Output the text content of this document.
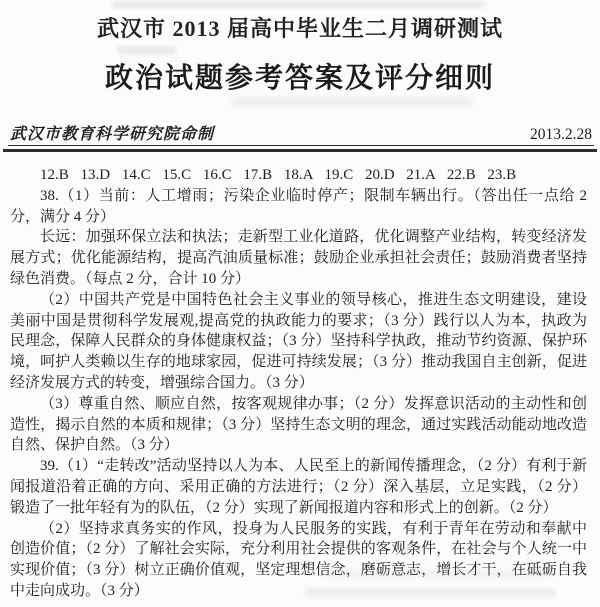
武汉市 2013 届高中毕业生二月调研测试
政治试题参考答案及评分细则
武汉市教育科学研究院命制	2013.2.28

12.B 13.D 14.C 15.C 16.C 17.B 18.A 19.C 20.D 21.A 22.B 23.B

38.（1）当前：人工增雨；污染企业临时停产；限制车辆出行。（答出任一点给 2 分，满分 4 分）

长远：加强环保立法和执法；走新型工业化道路，优化调整产业结构，转变经济发展方式；优化能源结构，提高汽油质量标准；鼓励企业承担社会责任；鼓励消费者坚持绿色消费。（每点 2 分，合计 10 分）

（2）中国共产党是中国特色社会主义事业的领导核心，推进生态文明建设，建设美丽中国是贯彻科学发展观,提高党的执政能力的要求；（3 分）践行以人为本，执政为民理念，保障人民群众的身体健康权益；（3 分）坚持科学执政，推动节约资源、保护环境，呵护人类赖以生存的地球家园，促进可持续发展；（3 分）推动我国自主创新，促进经济发展方式的转变，增强综合国力。（3 分）

（3）尊重自然、顺应自然，按客观规律办事；（2 分）发挥意识活动的主动性和创造性，揭示自然的本质和规律；（3 分）坚持生态文明的理念，通过实践活动能动地改造自然、保护自然。（3 分）

39.（1）“走转改”活动坚持以人为本、人民至上的新闻传播理念，（2 分）有利于新闻报道沿着正确的方向、采用正确的方法进行；（2 分）深入基层，立足实践，（2 分）锻造了一批年轻有为的队伍，（2 分）实现了新闻报道内容和形式上的创新。（2 分）

（2）坚持求真务实的作风，投身为人民服务的实践，有利于青年在劳动和奉献中创造价值；（2 分）了解社会实际，充分利用社会提供的客观条件，在社会与个人统一中实现价值；（3 分）树立正确价值观，坚定理想信念，磨砺意志，增长才干，在砥砺自我中走向成功。（3 分）
